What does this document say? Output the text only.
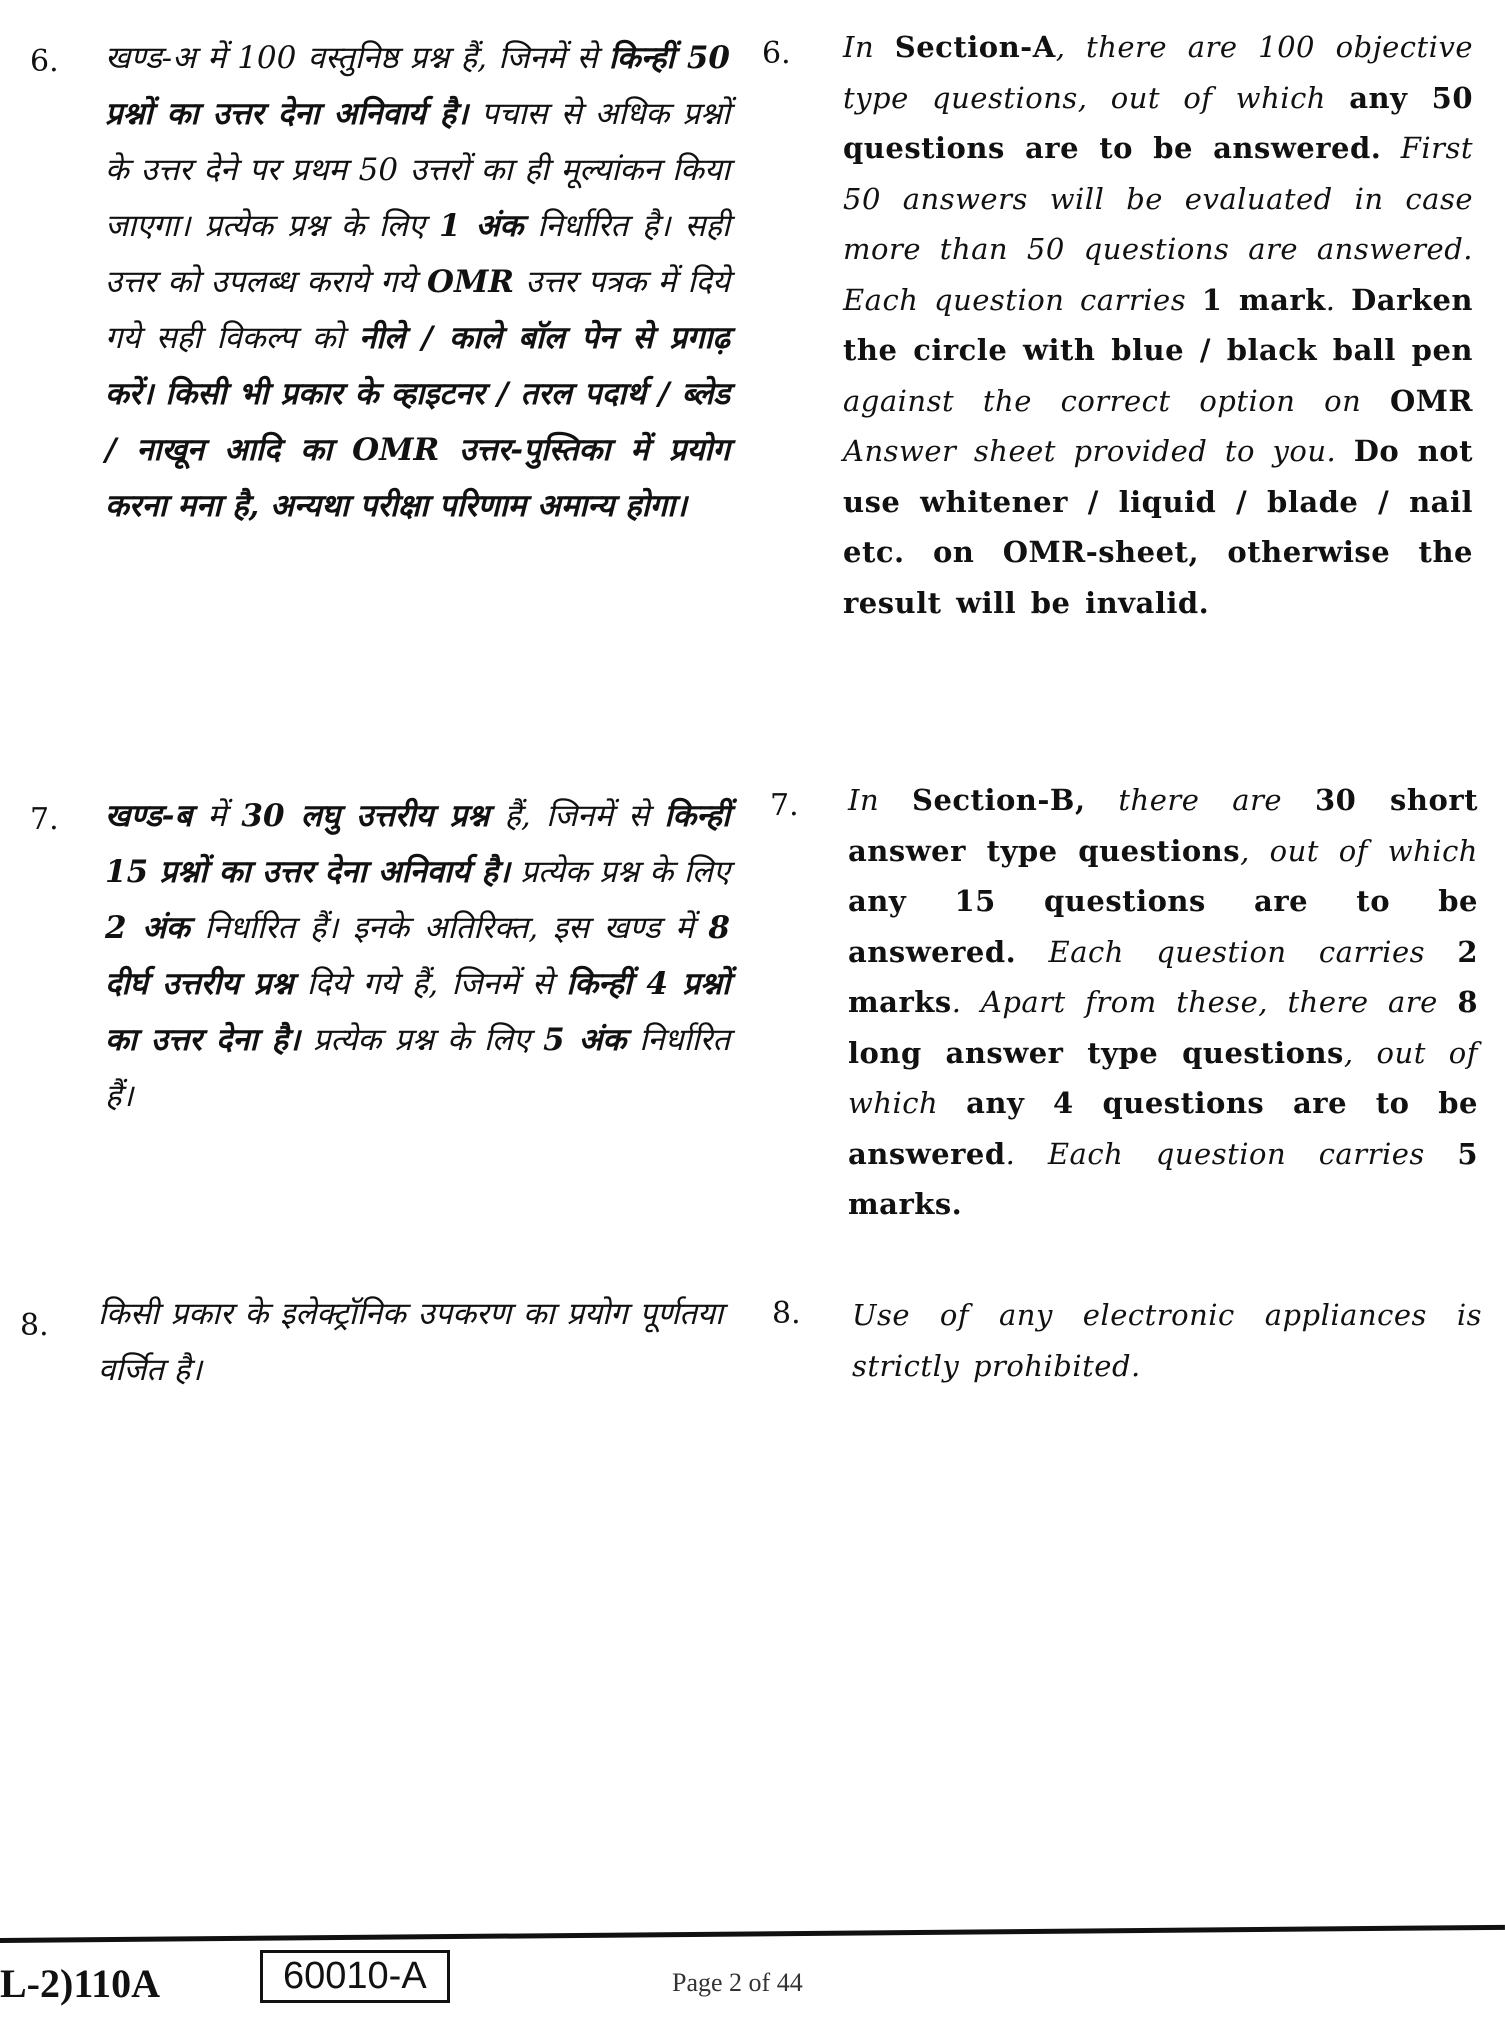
6. खण्ड-अ में 100 वस्तुनिष्ठ प्रश्न हैं, जिनमें से किन्हीं 50 प्रश्नों का उत्तर देना अनिवार्य है। पचास से अधिक प्रश्नों के उत्तर देने पर प्रथम 50 उत्तरों का ही मूल्यांकन किया जाएगा। प्रत्येक प्रश्न के लिए 1 अंक निर्धारित है। सही उत्तर को उपलब्ध कराये गये OMR उत्तर पत्रक में दिये गये सही विकल्प को नीले / काले बॉल पेन से प्रगाढ़ करें। किसी भी प्रकार के व्हाइटनर / तरल पदार्थ / ब्लेड / नाखून आदि का OMR उत्तर-पुस्तिका में प्रयोग करना मना है, अन्यथा परीक्षा परिणाम अमान्य होगा।
6. In Section-A, there are 100 objective type questions, out of which any 50 questions are to be answered. First 50 answers will be evaluated in case more than 50 questions are answered. Each question carries 1 mark. Darken the circle with blue / black ball pen against the correct option on OMR Answer sheet provided to you. Do not use whitener / liquid / blade / nail etc. on OMR-sheet, otherwise the result will be invalid.
7. खण्ड-ब में 30 लघु उत्तरीय प्रश्न हैं, जिनमें से किन्हीं 15 प्रश्नों का उत्तर देना अनिवार्य है। प्रत्येक प्रश्न के लिए 2 अंक निर्धारित हैं। इनके अतिरिक्त, इस खण्ड में 8 दीर्घ उत्तरीय प्रश्न दिये गये हैं, जिनमें से किन्हीं 4 प्रश्नों का उत्तर देना है। प्रत्येक प्रश्न के लिए 5 अंक निर्धारित हैं।
7. In Section-B, there are 30 short answer type questions, out of which any 15 questions are to be answered. Each question carries 2 marks. Apart from these, there are 8 long answer type questions, out of which any 4 questions are to be answered. Each question carries 5 marks.
8. किसी प्रकार के इलेक्ट्रॉनिक उपकरण का प्रयोग पूर्णतया वर्जित है।
8. Use of any electronic appliances is strictly prohibited.
L-2)110A	60010-A	Page 2 of 44
